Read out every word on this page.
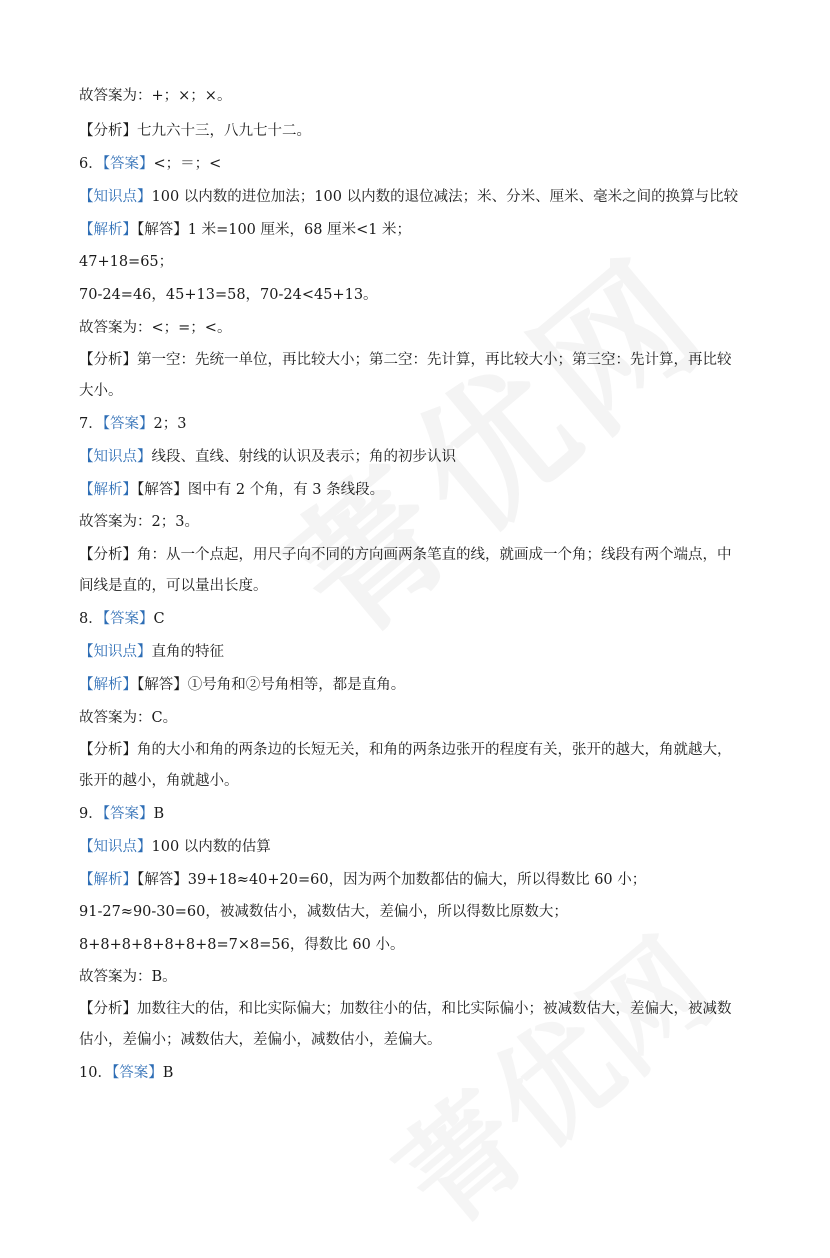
故答案为：+；×；×。
【分析】七九六十三，八九七十二。
6．【答案】<；＝；<
【知识点】100 以内数的进位加法；100 以内数的退位减法；米、分米、厘米、毫米之间的换算与比较
【解析】【解答】1 米=100 厘米，68 厘米<1 米；
47+18=65；
70-24=46，45+13=58，70-24<45+13。
故答案为：<；=；<。
【分析】第一空：先统一单位，再比较大小；第二空：先计算，再比较大小；第三空：先计算，再比较
大小。
7．【答案】2；3
【知识点】线段、直线、射线的认识及表示；角的初步认识
【解析】【解答】图中有 2 个角，有 3 条线段。
故答案为：2；3。
【分析】角：从一个点起，用尺子向不同的方向画两条笔直的线，就画成一个角；线段有两个端点，中
间线是直的，可以量出长度。
8．【答案】C
【知识点】直角的特征
【解析】【解答】①号角和②号角相等，都是直角。
故答案为：C。
【分析】角的大小和角的两条边的长短无关，和角的两条边张开的程度有关，张开的越大，角就越大，
张开的越小，角就越小。
9．【答案】B
【知识点】100 以内数的估算
【解析】【解答】39+18≈40+20=60，因为两个加数都估的偏大，所以得数比 60 小；
91-27≈90-30=60，被减数估小，减数估大，差偏小，所以得数比原数大；
8+8+8+8+8+8+8=7×8=56，得数比 60 小。
故答案为：B。
【分析】加数往大的估，和比实际偏大；加数往小的估，和比实际偏小；被减数估大，差偏大，被减数
估小，差偏小；减数估大，差偏小，减数估小，差偏大。
10．【答案】B
